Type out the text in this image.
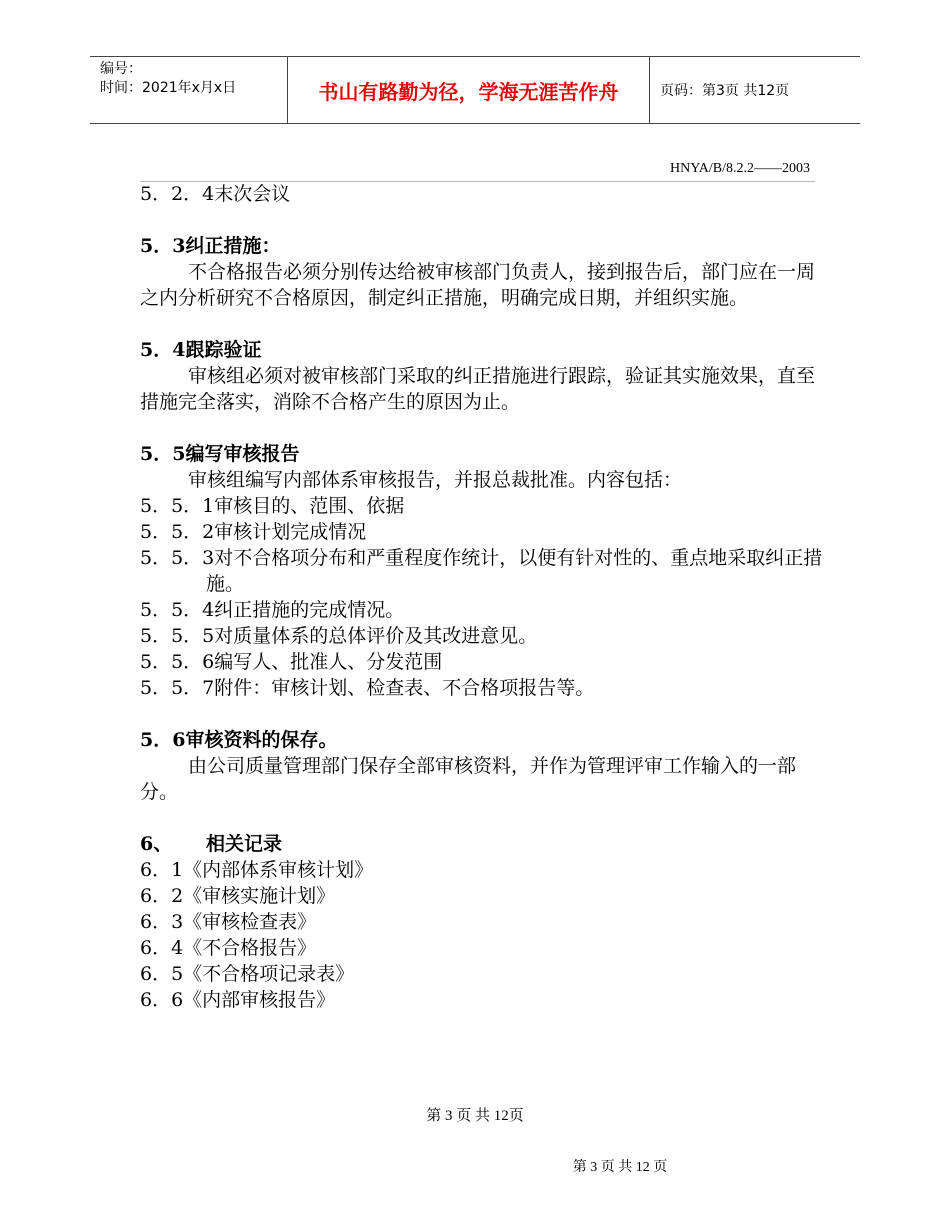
编号：
时间：2021年x月x日	书山有路勤为径，学海无涯苦作舟	页码：第3页 共12页
HNYA/B/8.2.2——2003

5．2．4末次会议

5．3纠正措施：

不合格报告必须分别传达给被审核部门负责人，接到报告后，部门应在一周之内分析研究不合格原因，制定纠正措施，明确完成日期，并组织实施。

5．4跟踪验证

审核组必须对被审核部门采取的纠正措施进行跟踪，验证其实施效果，直至措施完全落实，消除不合格产生的原因为止。

5．5编写审核报告

审核组编写内部体系审核报告，并报总裁批准。内容包括：

5．5．1审核目的、范围、依据

5．5．2审核计划完成情况

5．5．3对不合格项分布和严重程度作统计，以便有针对性的、重点地采取纠正措施。

5．5．4纠正措施的完成情况。

5．5．5对质量体系的总体评价及其改进意见。

5．5．6编写人、批准人、分发范围

5．5．7附件：审核计划、检查表、不合格项报告等。

5．6审核资料的保存。

由公司质量管理部门保存全部审核资料，并作为管理评审工作输入的一部分。

6、 相关记录

6．1《内部体系审核计划》

6．2《审核实施计划》

6．3《审核检查表》

6．4《不合格报告》

6．5《不合格项记录表》

6．6《内部审核报告》

第 3 页 共 12页
第 3 页 共 12 页
